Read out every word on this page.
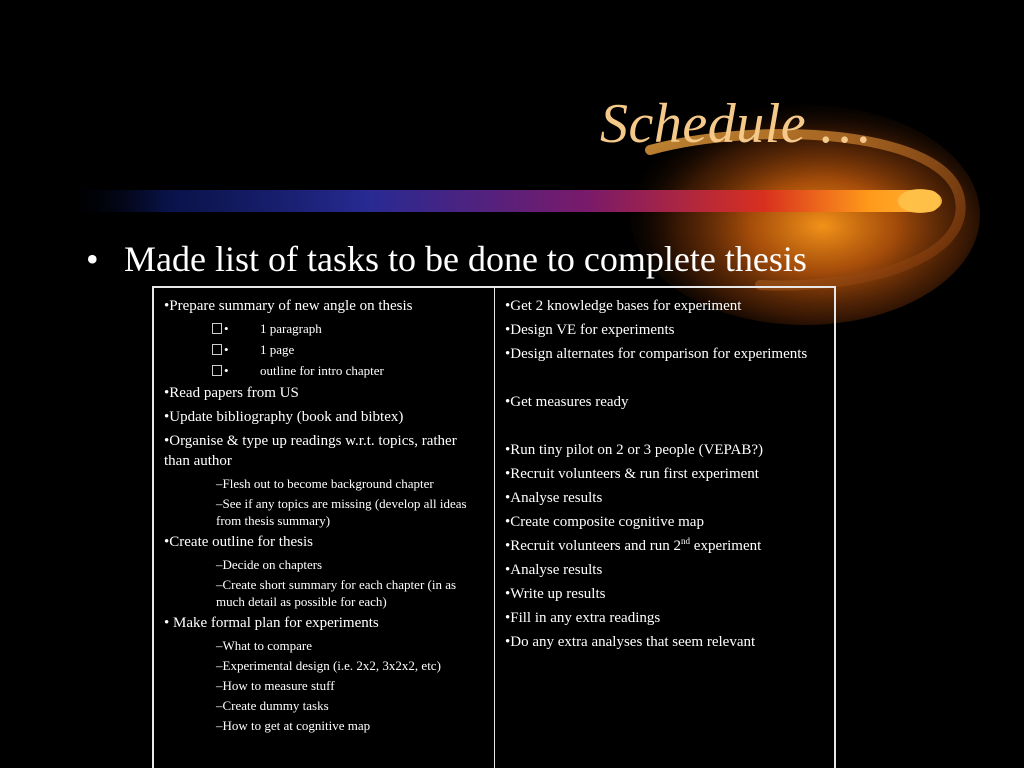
Schedule …
• Made list of tasks to be done to complete thesis
•Prepare summary of new angle on thesis
•	1 paragraph
•	1 page
•	outline for intro chapter
•Read papers from US
•Update bibliography (book and bibtex)
•Organise & type up readings w.r.t. topics, rather than author
–Flesh out to become background chapter
–See if any topics are missing (develop all ideas from thesis summary)
•Create outline for thesis
–Decide on chapters
–Create short summary for each chapter (in as much detail as possible for each)
• Make formal plan for experiments
–What to compare
–Experimental design (i.e. 2x2, 3x2x2, etc)
–How to measure stuff
–Create dummy tasks
–How to get at cognitive map
•Get 2 knowledge bases for experiment
•Design VE for experiments
•Design alternates for comparison for experiments
•Get measures ready
•Run tiny pilot on 2 or 3 people (VEPAB?)
•Recruit volunteers & run first experiment
•Analyse results
•Create composite cognitive map
•Recruit volunteers and run 2nd experiment
•Analyse results
•Write up results
•Fill in any extra readings
•Do any extra analyses that seem relevant
